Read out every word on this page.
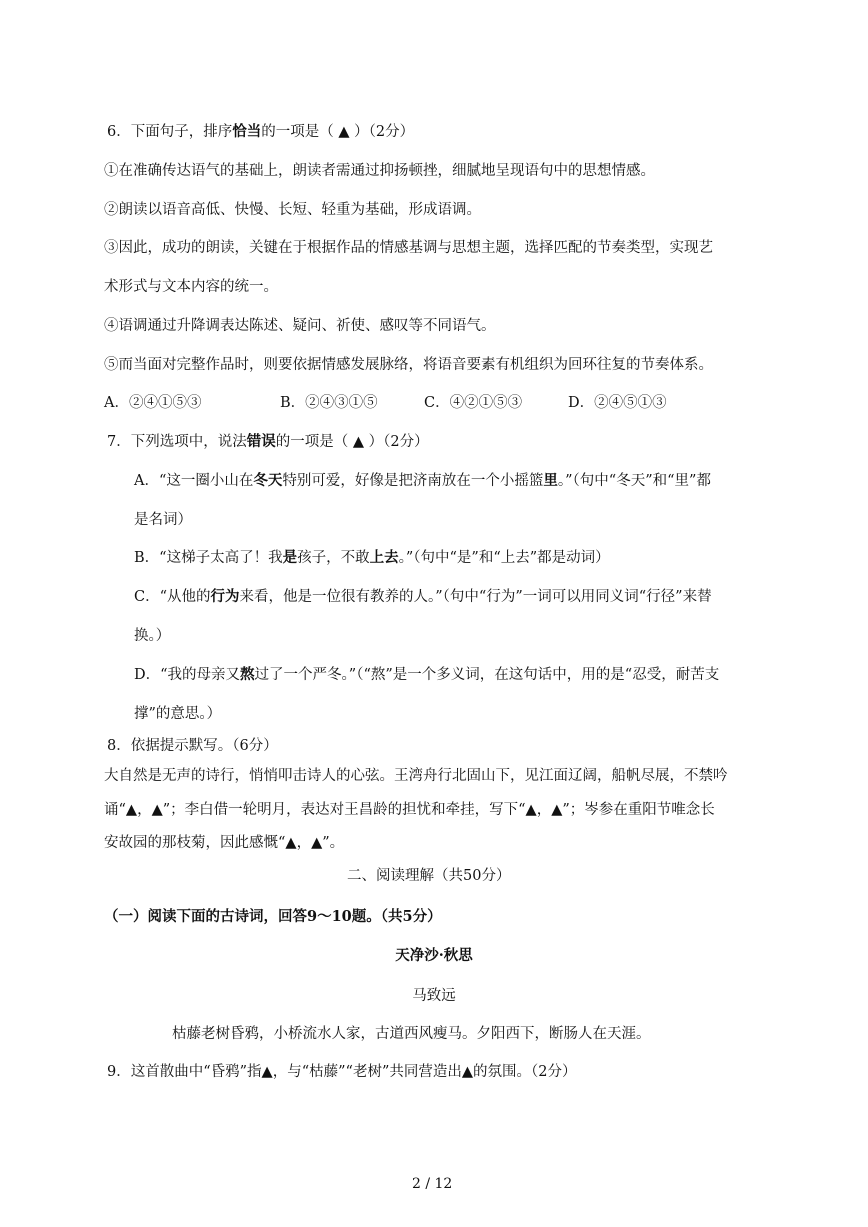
6．下面句子，排序恰当的一项是（ ▲ ）（2分）
①在准确传达语气的基础上，朗读者需通过抑扬顿挫，细腻地呈现语句中的思想情感。
②朗读以语音高低、快慢、长短、轻重为基础，形成语调。
③因此，成功的朗读，关键在于根据作品的情感基调与思想主题，选择匹配的节奏类型，实现艺
术形式与文本内容的统一。
④语调通过升降调表达陈述、疑问、祈使、感叹等不同语气。
⑤而当面对完整作品时，则要依据情感发展脉络，将语音要素有机组织为回环往复的节奏体系。
A．②④①⑤③	B．②④③①⑤	C．④②①⑤③	D．②④⑤①③
7．下列选项中，说法错误的一项是（ ▲ ）（2分）
A．“这一圈小山在冬天特别可爱，好像是把济南放在一个小摇篮里。”（句中“冬天”和“里”都
是名词）
B．“这梯子太高了！我是孩子，不敢上去。”（句中“是”和“上去”都是动词）
C．“从他的行为来看，他是一位很有教养的人。”（句中“行为”一词可以用同义词“行径”来替
换。）
D．“我的母亲又熬过了一个严冬。”（“熬”是一个多义词，在这句话中，用的是“忍受，耐苦支
撑”的意思。）
8．依据提示默写。（6分）
大自然是无声的诗行，悄悄叩击诗人的心弦。王湾舟行北固山下，见江面辽阔，船帆尽展，不禁吟
诵“▲，▲”；李白借一轮明月，表达对王昌龄的担忧和牵挂，写下“▲，▲”；岑参在重阳节唯念长
安故园的那枝菊，因此感慨“▲，▲”。
二、阅读理解（共50分）
（一）阅读下面的古诗词，回答9～10题。（共5分）
天净沙·秋思
马致远
枯藤老树昏鸦，小桥流水人家，古道西风瘦马。夕阳西下，断肠人在天涯。
9．这首散曲中“昏鸦”指▲，与“枯藤”“老树”共同营造出▲的氛围。（2分）
2 / 12
